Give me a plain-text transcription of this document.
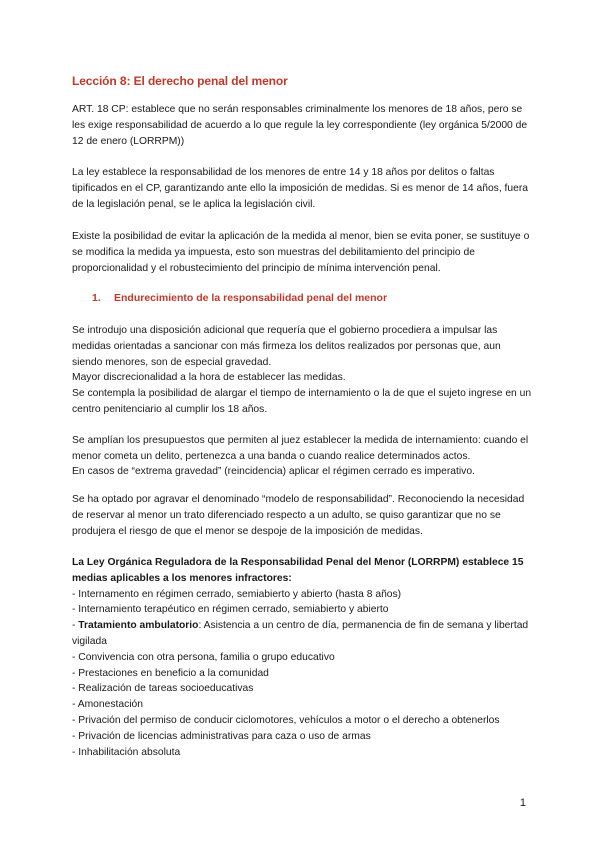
Lección 8: El derecho penal del menor

ART. 18 CP: establece que no serán responsables criminalmente los menores de 18 años, pero se les exige responsabilidad de acuerdo a lo que regule la ley correspondiente (ley orgánica 5/2000 de 12 de enero (LORRPM))

La ley establece la responsabilidad de los menores de entre 14 y 18 años por delitos o faltas tipificados en el CP, garantizando ante ello la imposición de medidas. Si es menor de 14 años, fuera de la legislación penal, se le aplica la legislación civil.

Existe la posibilidad de evitar la aplicación de la medida al menor, bien se evita poner, se sustituye o se modifica la medida ya impuesta, esto son muestras del debilitamiento del principio de proporcionalidad y el robustecimiento del principio de mínima intervención penal.

1. Endurecimiento de la responsabilidad penal del menor

Se introdujo una disposición adicional que requería que el gobierno procediera a impulsar las medidas orientadas a sancionar con más firmeza los delitos realizados por personas que, aun siendo menores, son de especial gravedad.

Mayor discrecionalidad a la hora de establecer las medidas.

Se contempla la posibilidad de alargar el tiempo de internamiento o la de que el sujeto ingrese en un centro penitenciario al cumplir los 18 años.

Se amplían los presupuestos que permiten al juez establecer la medida de internamiento: cuando el menor cometa un delito, pertenezca a una banda o cuando realice determinados actos.

En casos de “extrema gravedad” (reincidencia) aplicar el régimen cerrado es imperativo.

Se ha optado por agravar el denominado “modelo de responsabilidad”. Reconociendo la necesidad de reservar al menor un trato diferenciado respecto a un adulto, se quiso garantizar que no se produjera el riesgo de que el menor se despoje de la imposición de medidas.

La Ley Orgánica Reguladora de la Responsabilidad Penal del Menor (LORRPM) establece 15 medias aplicables a los menores infractores:
- Internamento en régimen cerrado, semiabierto y abierto (hasta 8 años)
- Internamiento terapéutico en régimen cerrado, semiabierto y abierto
- Tratamiento ambulatorio: Asistencia a un centro de día, permanencia de fin de semana y libertad vigilada
- Convivencia con otra persona, familia o grupo educativo
- Prestaciones en beneficio a la comunidad
- Realización de tareas socioeducativas
- Amonestación
- Privación del permiso de conducir ciclomotores, vehículos a motor o el derecho a obtenerlos
- Privación de licencias administrativas para caza o uso de armas
- Inhabilitación absoluta
1
